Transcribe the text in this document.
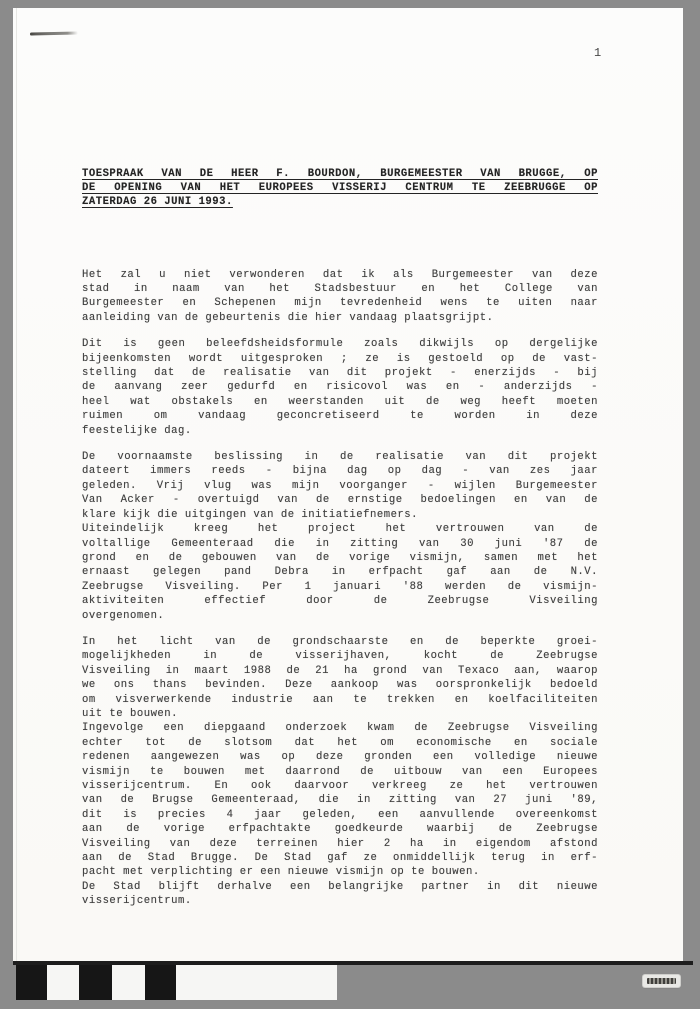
1
TOESPRAAK VAN DE HEER F. BOURDON, BURGEMEESTER VAN BRUGGE, OP
DE OPENING VAN HET EUROPEES VISSERIJ CENTRUM TE ZEEBRUGGE OP
ZATERDAG 26 JUNI 1993.
Het zal u niet verwonderen dat ik als Burgemeester van deze
stad in naam van het Stadsbestuur en het College van
Burgemeester en Schepenen mijn tevredenheid wens te uiten naar
aanleiding van de gebeurtenis die hier vandaag plaatsgrijpt.
Dit is geen beleefdsheidsformule zoals dikwijls op dergelijke
bijeenkomsten wordt uitgesproken ; ze is gestoeld op de vast-
stelling dat de realisatie van dit projekt - enerzijds - bij
de aanvang zeer gedurfd en risicovol was en - anderzijds -
heel wat obstakels en weerstanden uit de weg heeft moeten
ruimen om vandaag geconcretiseerd te worden in deze
feestelijke dag.
De voornaamste beslissing in de realisatie van dit projekt
dateert immers reeds - bijna dag op dag - van zes jaar
geleden. Vrij vlug was mijn voorganger - wijlen Burgemeester
Van Acker - overtuigd van de ernstige bedoelingen en van de
klare kijk die uitgingen van de initiatiefnemers.
Uiteindelijk kreeg het project het vertrouwen van de
voltallige Gemeenteraad die in zitting van 30 juni '87 de
grond en de gebouwen van de vorige vismijn, samen met het
ernaast gelegen pand Debra in erfpacht gaf aan de N.V.
Zeebrugse Visveiling. Per 1 januari '88 werden de vismijn-
aktiviteiten effectief door de Zeebrugse Visveiling
overgenomen.
In het licht van de grondschaarste en de beperkte groei-
mogelijkheden in de visserijhaven, kocht de Zeebrugse
Visveiling in maart 1988 de 21 ha grond van Texaco aan, waarop
we ons thans bevinden. Deze aankoop was oorspronkelijk bedoeld
om visverwerkende industrie aan te trekken en koelfaciliteiten
uit te bouwen.
Ingevolge een diepgaand onderzoek kwam de Zeebrugse Visveiling
echter tot de slotsom dat het om economische en sociale
redenen aangewezen was op deze gronden een volledige nieuwe
vismijn te bouwen met daarrond de uitbouw van een Europees
visserijcentrum. En ook daarvoor verkreeg ze het vertrouwen
van de Brugse Gemeenteraad, die in zitting van 27 juni '89,
dit is precies 4 jaar geleden, een aanvullende overeenkomst
aan de vorige erfpachtakte goedkeurde waarbij de Zeebrugse
Visveiling van deze terreinen hier 2 ha in eigendom afstond
aan de Stad Brugge. De Stad gaf ze onmiddellijk terug in erf-
pacht met verplichting er een nieuwe vismijn op te bouwen.
De Stad blijft derhalve een belangrijke partner in dit nieuwe
visserijcentrum.
